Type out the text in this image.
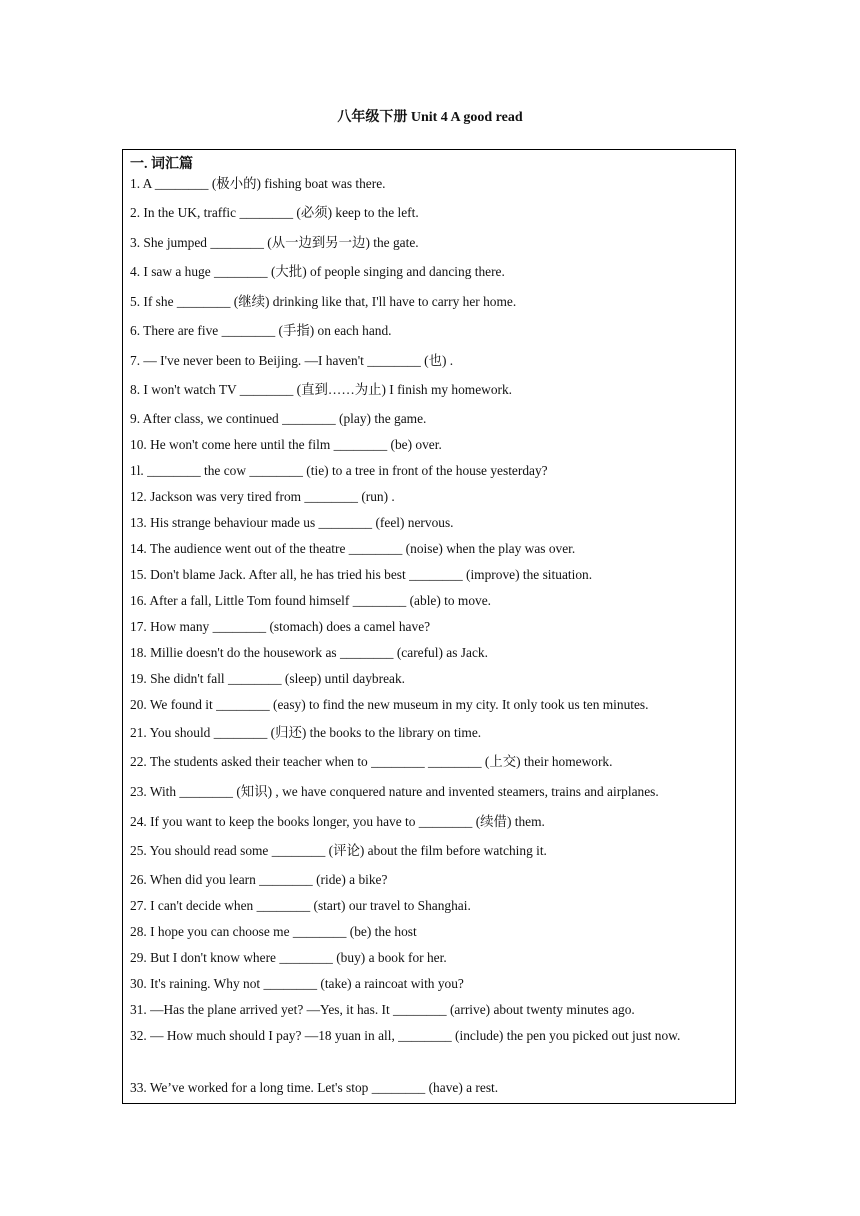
八年级下册 Unit 4 A good read
一. 词汇篇
1. A ________ (极小的) fishing boat was there.
2. In the UK, traffic ________ (必须) keep to the left.
3. She jumped ________ (从一边到另一边) the gate.
4. I saw a huge ________ (大批) of people singing and dancing there.
5. If she ________ (继续) drinking like that, I'll have to carry her home.
6. There are five ________ (手指) on each hand.
7. — I've never been to Beijing. —I haven't ________ (也) .
8. I won't watch TV ________ (直到……为止) I finish my homework.
9. After class, we continued ________ (play) the game.
10. He won't come here until the film ________ (be) over.
1l. ________ the cow ________ (tie) to a tree in front of the house yesterday?
12. Jackson was very tired from ________ (run) .
13. His strange behaviour made us ________ (feel) nervous.
14. The audience went out of the theatre ________ (noise) when the play was over.
15. Don't blame Jack. After all, he has tried his best ________ (improve) the situation.
16. After a fall, Little Tom found himself ________ (able) to move.
17. How many ________ (stomach) does a camel have?
18. Millie doesn't do the housework as ________ (careful) as Jack.
19. She didn't fall ________ (sleep) until daybreak.
20. We found it ________ (easy) to find the new museum in my city. It only took us ten minutes.
21. You should ________ (归还) the books to the library on time.
22. The students asked their teacher when to ________ ________ (上交) their homework.
23. With ________ (知识) , we have conquered nature and invented steamers, trains and airplanes.
24. If you want to keep the books longer, you have to ________ (续借) them.
25. You should read some ________ (评论) about the film before watching it.
26. When did you learn ________ (ride) a bike?
27. I can't decide when ________ (start) our travel to Shanghai.
28. I hope you can choose me ________ (be) the host
29. But I don't know where ________ (buy) a book for her.
30. It's raining. Why not ________ (take) a raincoat with you?
31. —Has the plane arrived yet? —Yes, it has. It ________ (arrive) about twenty minutes ago.
32. — How much should I pay? —18 yuan in all, ________ (include) the pen you picked out just now.
33. We’ve worked for a long time. Let's stop ________ (have) a rest.
